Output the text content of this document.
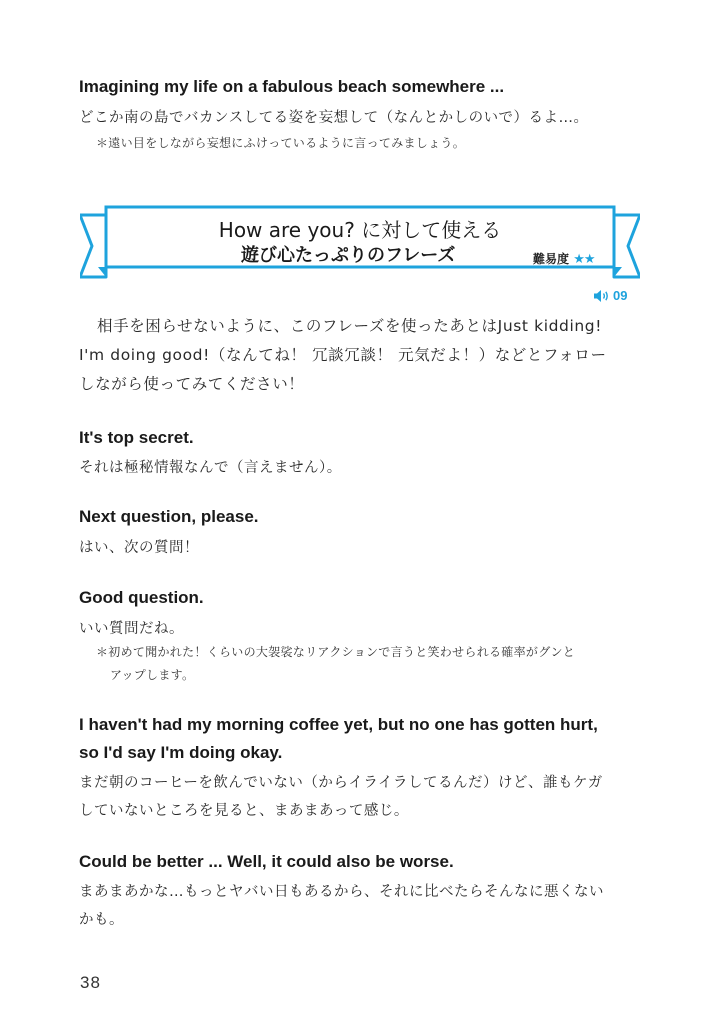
Imagining my life on a fabulous beach somewhere ...
どこか南の島でバカンスしてる姿を妄想して（なんとかしのいで）るよ…。
＊遠い目をしながら妄想にふけっているように言ってみましょう。
How are you? に対して使える
遊び心たっぷりのフレーズ	難易度 ★★
09
相手を困らせないように、このフレーズを使ったあとはJust kidding!
I'm doing good!（なんてね！ 冗談冗談！ 元気だよ！）などとフォロー
しながら使ってみてください！
It's top secret.
それは極秘情報なんで（言えません）。
Next question, please.
はい、次の質問！
Good question.
いい質問だね。
＊初めて聞かれた！くらいの大袈裟なリアクションで言うと笑わせられる確率がグンと
アップします。
I haven't had my morning coffee yet, but no one has gotten hurt,
so I'd say I'm doing okay.
まだ朝のコーヒーを飲んでいない（からイライラしてるんだ）けど、誰もケガ
していないところを見ると、まあまあって感じ。
Could be better ... Well, it could also be worse.
まあまあかな…もっとヤバい日もあるから、それに比べたらそんなに悪くない
かも。
38
